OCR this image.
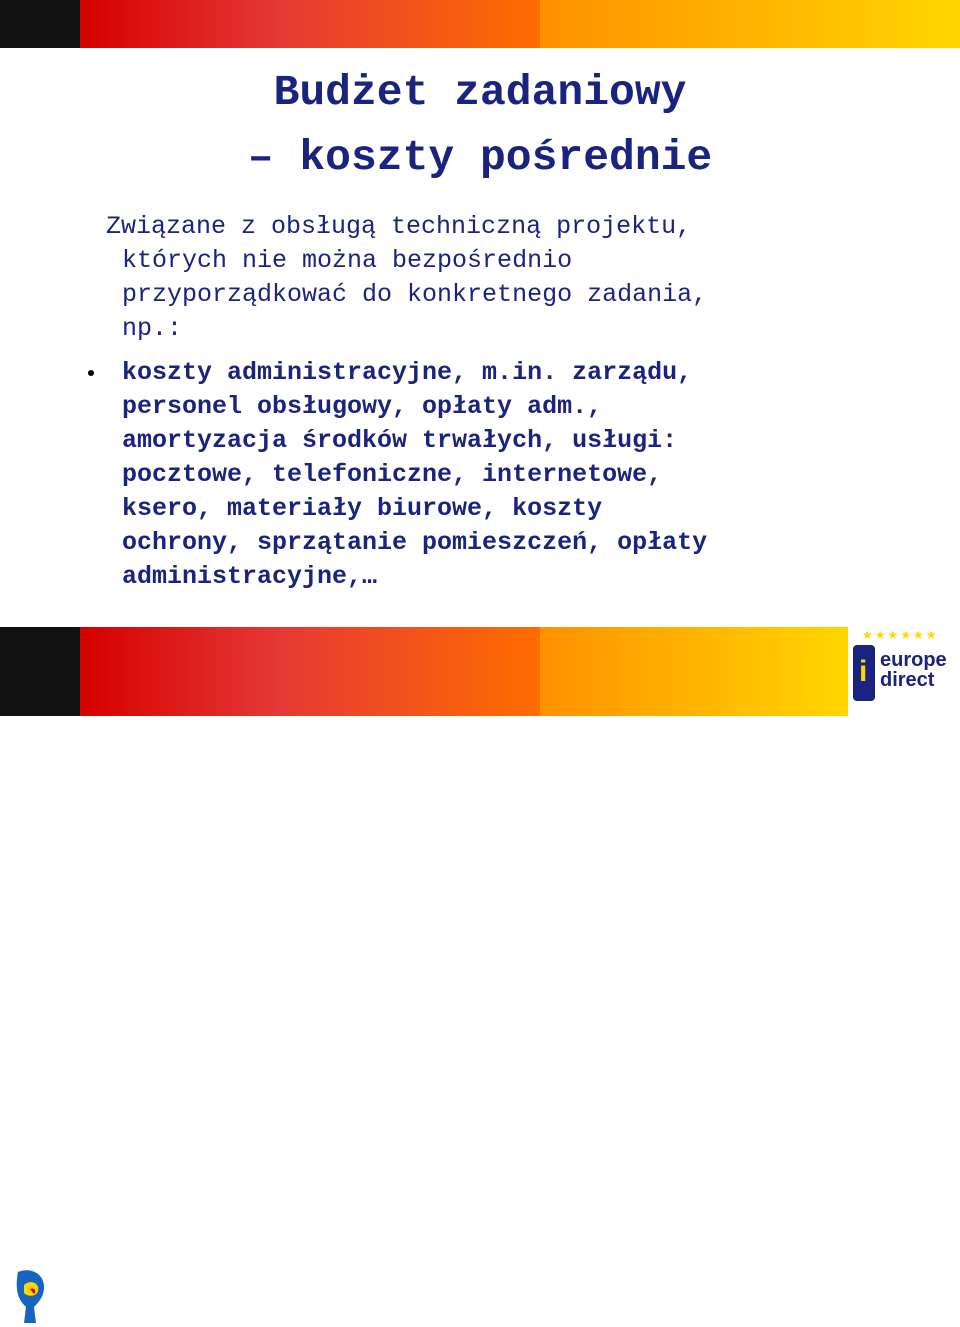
Budżet zadaniowy
– koszty pośrednie
Związane z obsługą techniczną projektu,
których nie można bezpośrednio
przyporządkować do konkretnego zadania,
np.:
koszty administracyjne, m.in. zarządu,
personel obsługowy, opłaty adm.,
amortyzacja środków trwałych, usługi:
pocztowe, telefoniczne, internetowe,
ksero, materiały biurowe, koszty
ochrony, sprzątanie pomieszczeń, opłaty
administracyjne,…
★★★★★★
i europe
direct
